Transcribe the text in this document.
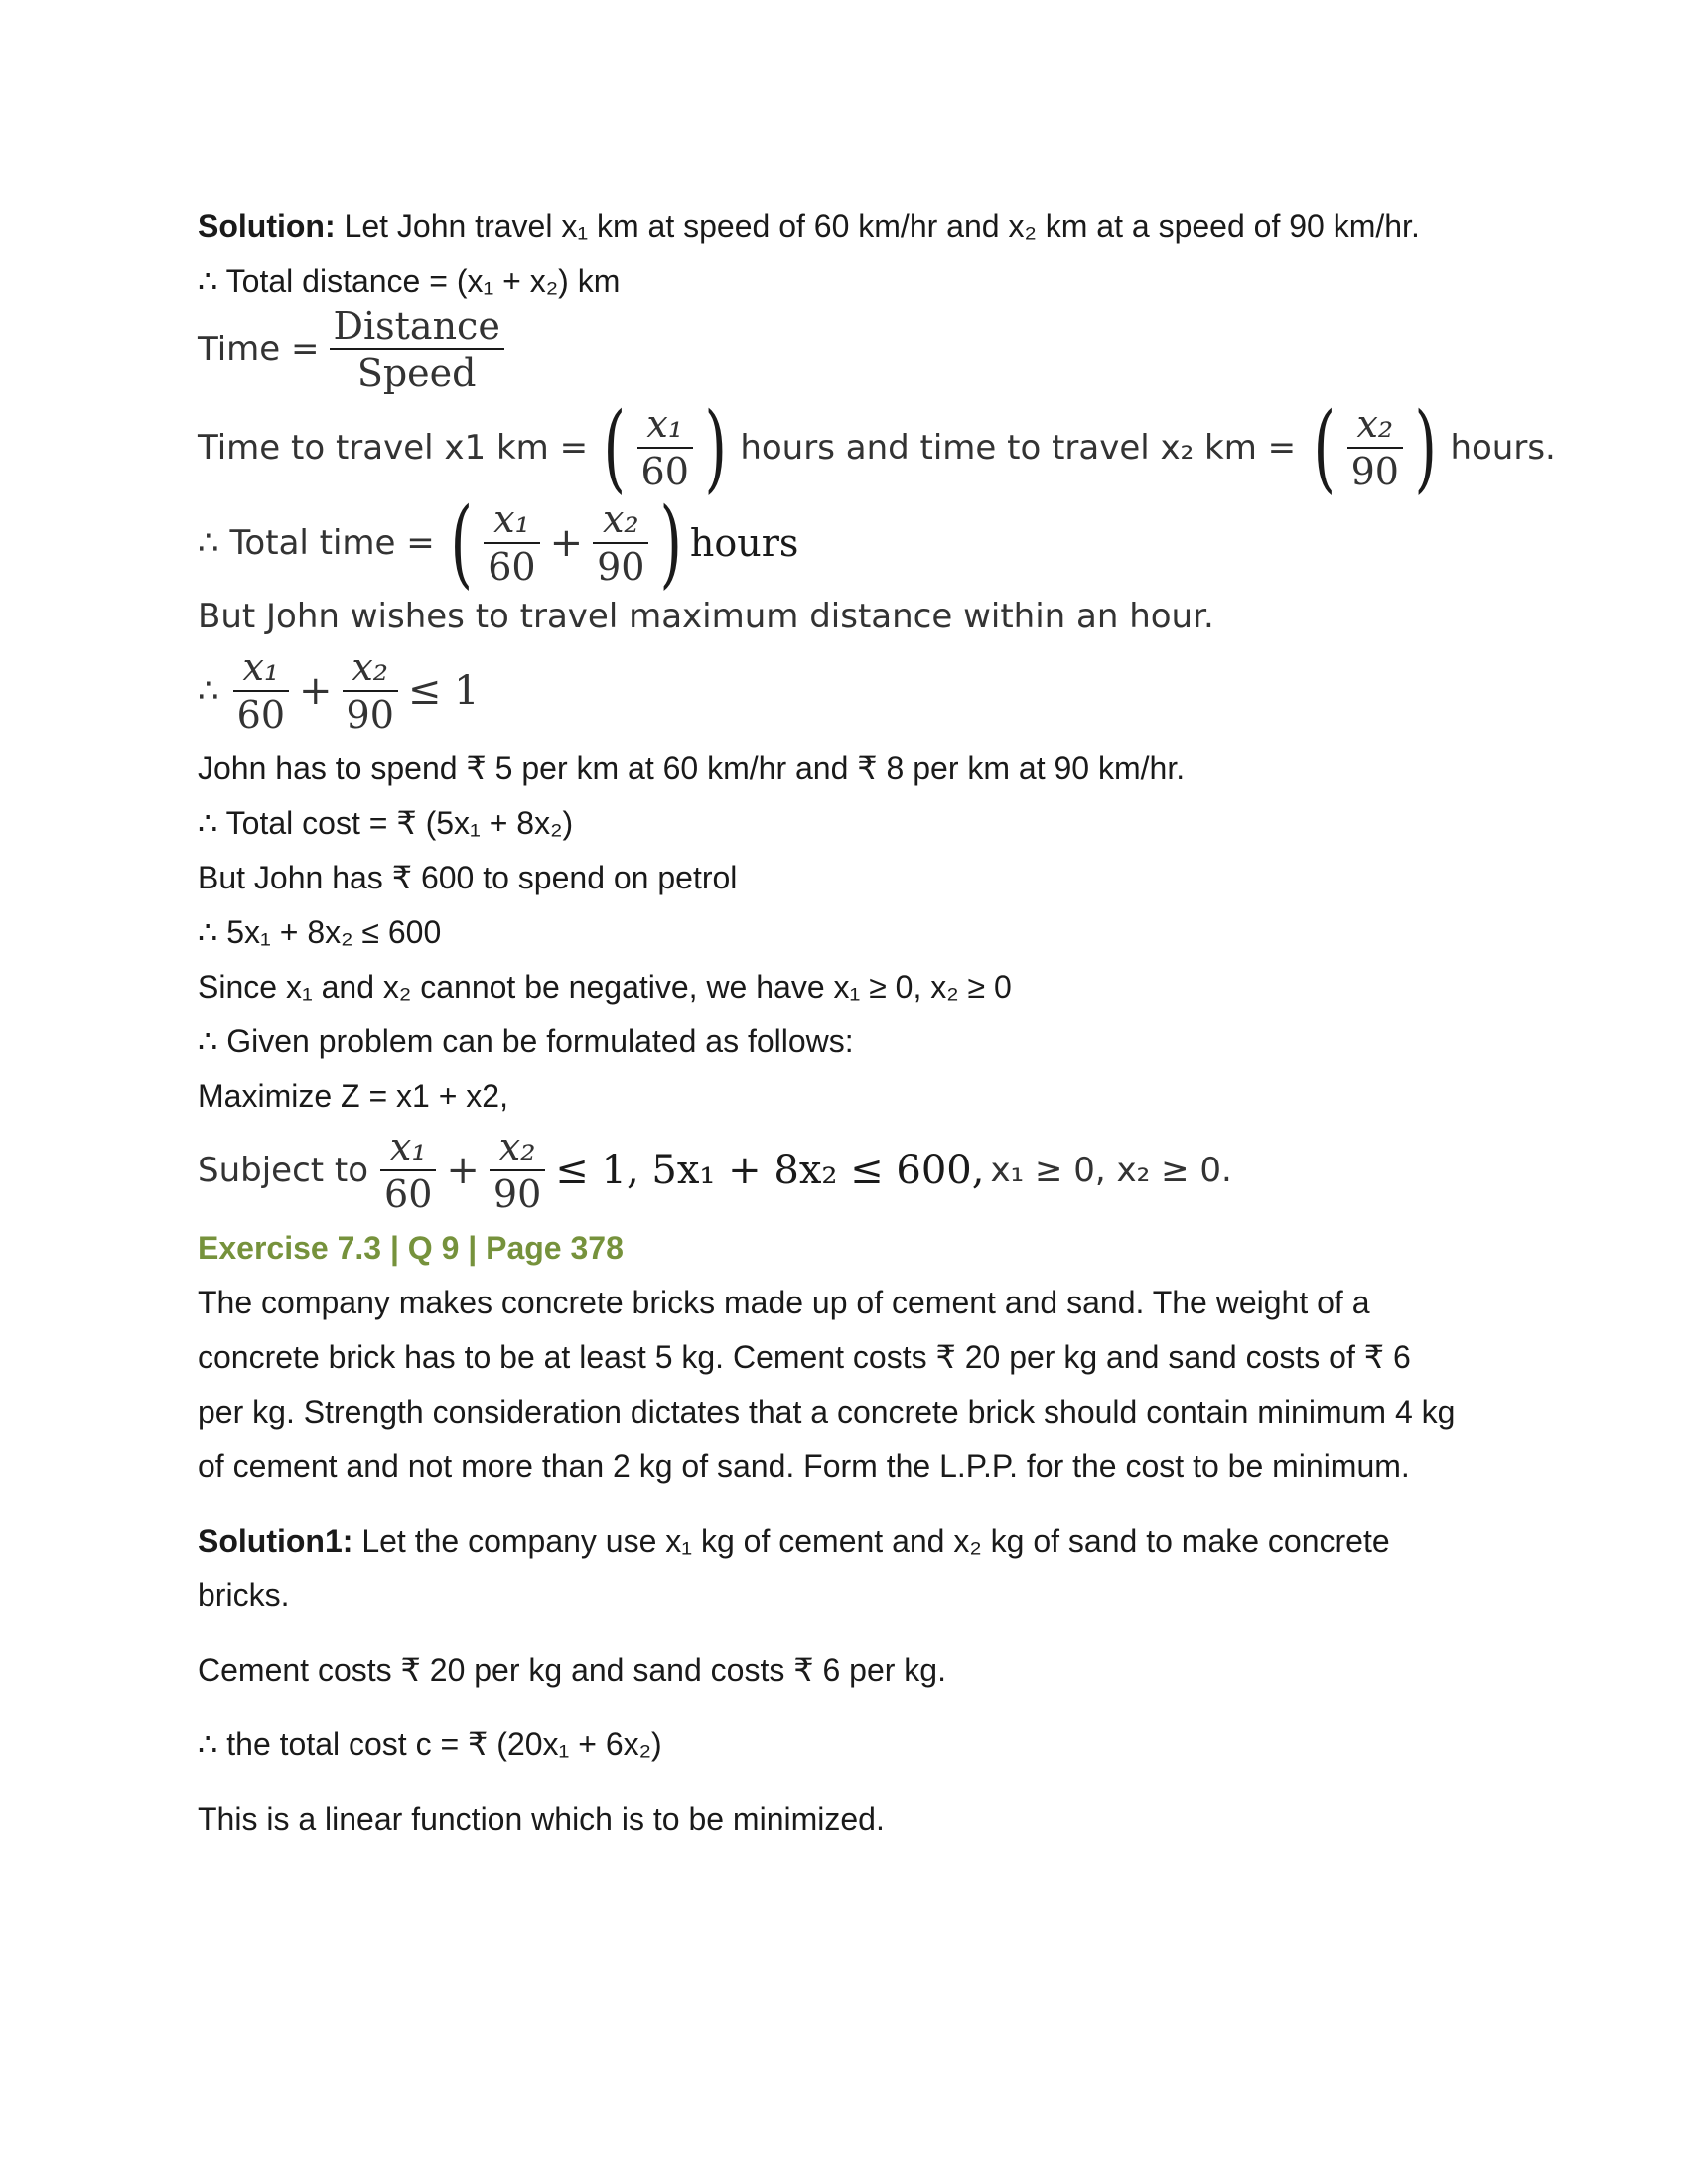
Solution: Let John travel x₁ km at speed of 60 km/hr and x₂ km at a speed of 90 km/hr.

∴ Total distance = (x₁ + x₂) km

Time = $\frac{\text{Distance}}{\text{Speed}}$
Time to travel x1 km = ( $\frac{\text{x₁}}{60}$ ) hours and time to travel x₂ km = ( $\frac{\text{x₂}}{90}$ ) hours.
∴ Total time = ( $\frac{\text{x₁}}{60} + \frac{\text{x₂}}{90}$ ) hours

But John wishes to travel maximum distance within an hour.

∴ $\frac{\text{x₁}}{60} + \frac{\text{x₂}}{90} \le 1$

John has to spend ₹ 5 per km at 60 km/hr and ₹ 8 per km at 90 km/hr.

∴ Total cost = ₹ (5x₁ + 8x₂)

But John has ₹ 600 to spend on petrol

∴ 5x₁ + 8x₂ ≤ 600

Since x₁ and x₂ cannot be negative, we have x₁ ≥ 0, x₂ ≥ 0

∴ Given problem can be formulated as follows:

Maximize Z = x1 + x2,

Subject to $\frac{\text{x₁}}{60} + \frac{\text{x₂}}{90} \le 1$, 5x₁ + 8x₂ ≤ 600, x₁ ≥ 0, x₂ ≥ 0.

Exercise 7.3 | Q 9 | Page 378

The company makes concrete bricks made up of cement and sand. The weight of a concrete brick has to be at least 5 kg. Cement costs ₹ 20 per kg and sand costs of ₹ 6 per kg. Strength consideration dictates that a concrete brick should contain minimum 4 kg of cement and not more than 2 kg of sand. Form the L.P.P. for the cost to be minimum.

Solution1: Let the company use x₁ kg of cement and x₂ kg of sand to make concrete bricks.

Cement costs ₹ 20 per kg and sand costs ₹ 6 per kg.

∴ the total cost c = ₹ (20x₁ + 6x₂)

This is a linear function which is to be minimized.
